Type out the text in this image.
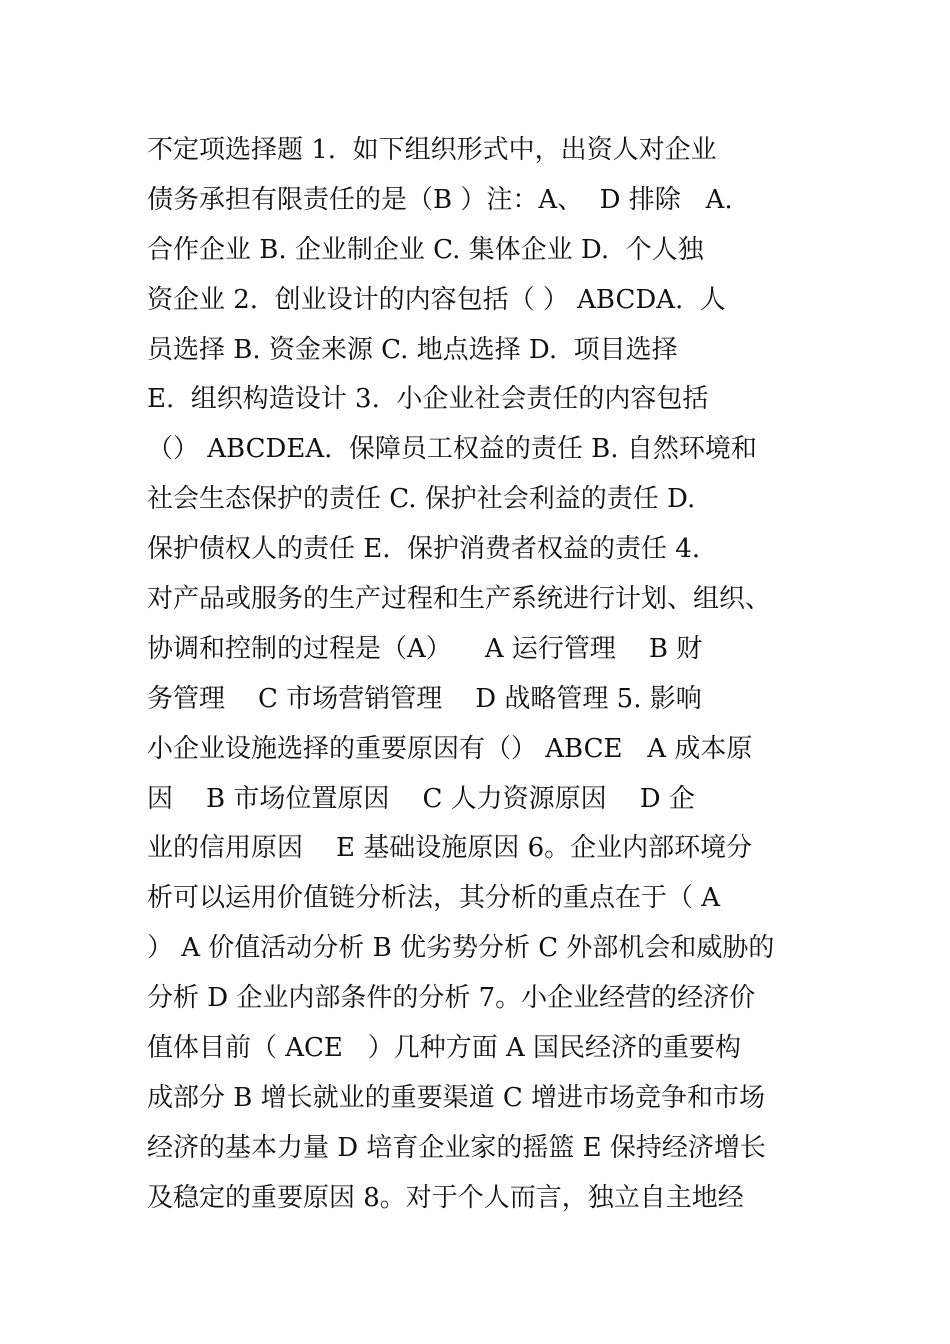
不定项选择题 1.  如下组织形式中，出资人对企业
债务承担有限责任的是（B ）注：A、  D 排除   A.
合作企业 B. 企业制企业 C. 集体企业 D.  个人独
资企业 2.  创业设计的内容包括（ ） ABCDA.  人
员选择 B. 资金来源 C. 地点选择 D.  项目选择
E.  组织构造设计 3.  小企业社会责任的内容包括
（） ABCDEA.  保障员工权益的责任 B. 自然环境和
社会生态保护的责任 C. 保护社会利益的责任 D.
保护债权人的责任 E.  保护消费者权益的责任 4.
对产品或服务的生产过程和生产系统进行计划、组织、
协调和控制的过程是（A）    A 运行管理    B 财
务管理    C 市场营销管理    D 战略管理 5. 影响
小企业设施选择的重要原因有（） ABCE   A 成本原
因    B 市场位置原因    C 人力资源原因    D 企
业的信用原因    E 基础设施原因 6。企业内部环境分
析可以运用价值链分析法，其分析的重点在于（ A
） A 价值活动分析 B 优劣势分析 C 外部机会和威胁的
分析 D 企业内部条件的分析 7。小企业经营的经济价
值体目前（ ACE   ）几种方面 A 国民经济的重要构
成部分 B 增长就业的重要渠道 C 增进市场竞争和市场
经济的基本力量 D 培育企业家的摇篮 E 保持经济增长
及稳定的重要原因 8。对于个人而言，独立自主地经
